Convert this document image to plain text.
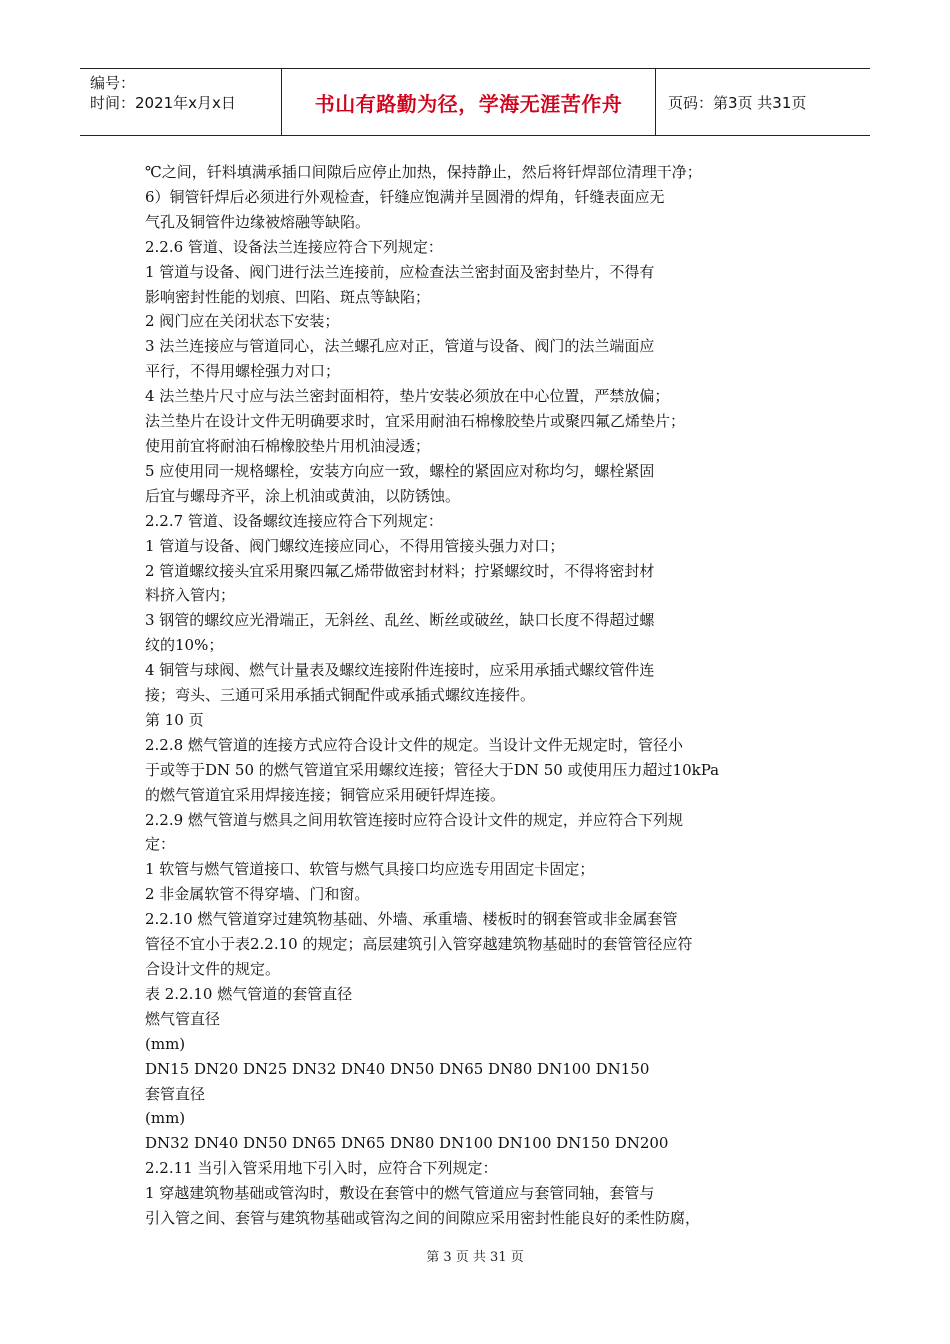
编号：
时间：2021年x月x日	书山有路勤为径，学海无涯苦作舟	页码：第3页 共31页
℃之间，钎料填满承插口间隙后应停止加热，保持静止，然后将钎焊部位清理干净；
6）铜管钎焊后必须进行外观检查，钎缝应饱满并呈圆滑的焊角，钎缝表面应无
气孔及铜管件边缘被熔融等缺陷。
2.2.6 管道、设备法兰连接应符合下列规定：
1 管道与设备、阀门进行法兰连接前，应检查法兰密封面及密封垫片，不得有
影响密封性能的划痕、凹陷、斑点等缺陷；
2 阀门应在关闭状态下安装；
3 法兰连接应与管道同心，法兰螺孔应对正，管道与设备、阀门的法兰端面应
平行，不得用螺栓强力对口；
4 法兰垫片尺寸应与法兰密封面相符，垫片安装必须放在中心位置，严禁放偏；
法兰垫片在设计文件无明确要求时，宜采用耐油石棉橡胶垫片或聚四氟乙烯垫片；
使用前宜将耐油石棉橡胶垫片用机油浸透；
5 应使用同一规格螺栓，安装方向应一致，螺栓的紧固应对称均匀，螺栓紧固
后宜与螺母齐平，涂上机油或黄油，以防锈蚀。
2.2.7 管道、设备螺纹连接应符合下列规定：
1 管道与设备、阀门螺纹连接应同心，不得用管接头强力对口；
2 管道螺纹接头宜采用聚四氟乙烯带做密封材料；拧紧螺纹时，不得将密封材
料挤入管内；
3 钢管的螺纹应光滑端正，无斜丝、乱丝、断丝或破丝，缺口长度不得超过螺
纹的10%；
4 铜管与球阀、燃气计量表及螺纹连接附件连接时，应采用承插式螺纹管件连
接；弯头、三通可采用承插式铜配件或承插式螺纹连接件。
第 10 页
2.2.8 燃气管道的连接方式应符合设计文件的规定。当设计文件无规定时，管径小
于或等于DN 50 的燃气管道宜采用螺纹连接；管径大于DN 50 或使用压力超过10kPa
的燃气管道宜采用焊接连接；铜管应采用硬钎焊连接。
2.2.9 燃气管道与燃具之间用软管连接时应符合设计文件的规定，并应符合下列规
定：
1 软管与燃气管道接口、软管与燃气具接口均应选专用固定卡固定；
2 非金属软管不得穿墙、门和窗。
2.2.10 燃气管道穿过建筑物基础、外墙、承重墙、楼板时的钢套管或非金属套管
管径不宜小于表2.2.10 的规定；高层建筑引入管穿越建筑物基础时的套管管径应符
合设计文件的规定。
表 2.2.10 燃气管道的套管直径
燃气管直径
(mm)
DN15 DN20 DN25 DN32 DN40 DN50 DN65 DN80 DN100 DN150
套管直径
(mm)
DN32 DN40 DN50 DN65 DN65 DN80 DN100 DN100 DN150 DN200
2.2.11 当引入管采用地下引入时，应符合下列规定：
1 穿越建筑物基础或管沟时，敷设在套管中的燃气管道应与套管同轴，套管与
引入管之间、套管与建筑物基础或管沟之间的间隙应采用密封性能良好的柔性防腐，
第 3 页 共 31 页
